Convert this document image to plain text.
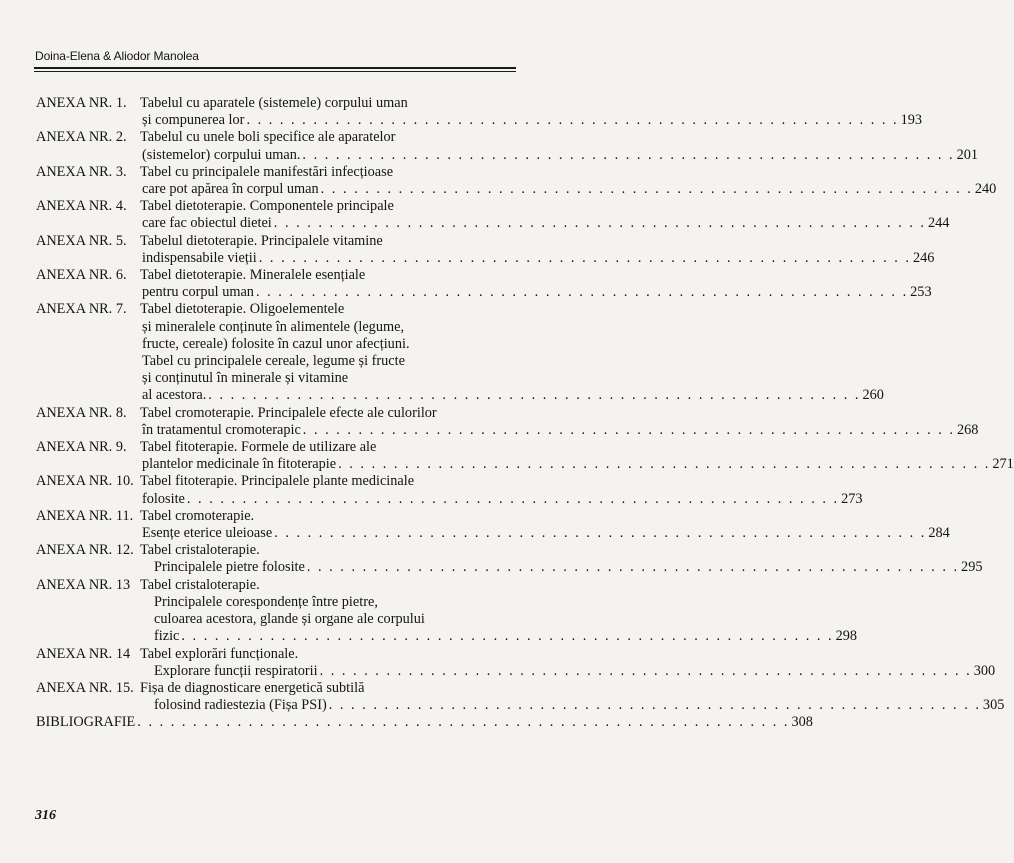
Doina-Elena & Aliodor Manolea
ANEXA NR. 1. Tabelul cu aparatele (sistemele) corpului uman
și compunerea lor . . . . . . . . . . . . . . . . . . . . . . . . . . . . . . . . . . . . . . . . . . . . . . . . . . . . . . . . . . . 193
ANEXA NR. 2. Tabelul cu unele boli specifice ale aparatelor
(sistemelor) corpului uman. . . . . . . . . . . . . . . . . . . . . . . . . . . . . . . . . . . . . . . . . . . . . . . . . . . . . . . . . . . . 201
ANEXA NR. 3. Tabel cu principalele manifestări infecțioase
care pot apărea în corpul uman . . . . . . . . . . . . . . . . . . . . . . . . . . . . . . . . . . . . . . . . . . . . . . . . . . . . . . . . . . . 240
ANEXA NR. 4. Tabel dietoterapie. Componentele principale
care fac obiectul dietei . . . . . . . . . . . . . . . . . . . . . . . . . . . . . . . . . . . . . . . . . . . . . . . . . . . . . . . . . . . 244
ANEXA NR. 5. Tabelul dietoterapie. Principalele vitamine
indispensabile vieții . . . . . . . . . . . . . . . . . . . . . . . . . . . . . . . . . . . . . . . . . . . . . . . . . . . . . . . . . . . 246
ANEXA NR. 6. Tabel dietoterapie. Mineralele esențiale
pentru corpul uman . . . . . . . . . . . . . . . . . . . . . . . . . . . . . . . . . . . . . . . . . . . . . . . . . . . . . . . . . . . 253
ANEXA NR. 7. Tabel dietoterapie. Oligoelementele
și mineralele conținute în alimentele (legume,
fructe, cereale) folosite în cazul unor afecțiuni.
Tabel cu principalele cereale, legume și fructe
și conținutul în minerale și vitamine
al acestora. . . . . . . . . . . . . . . . . . . . . . . . . . . . . . . . . . . . . . . . . . . . . . . . . . . . . . . . . . . . 260
ANEXA NR. 8. Tabel cromoterapie. Principalele efecte ale culorilor
în tratamentul cromoterapic . . . . . . . . . . . . . . . . . . . . . . . . . . . . . . . . . . . . . . . . . . . . . . . . . . . . . . . . . . . 268
ANEXA NR. 9. Tabel fitoterapie. Formele de utilizare ale
plantelor medicinale în fitoterapie . . . . . . . . . . . . . . . . . . . . . . . . . . . . . . . . . . . . . . . . . . . . . . . . . . . . . . . . . . . 271
ANEXA NR. 10. Tabel fitoterapie. Principalele plante medicinale
folosite . . . . . . . . . . . . . . . . . . . . . . . . . . . . . . . . . . . . . . . . . . . . . . . . . . . . . . . . . . . 273
ANEXA NR. 11. Tabel cromoterapie.
Esențe eterice uleioase . . . . . . . . . . . . . . . . . . . . . . . . . . . . . . . . . . . . . . . . . . . . . . . . . . . . . . . . . . . 284
ANEXA NR. 12. Tabel cristaloterapie.
Principalele pietre folosite . . . . . . . . . . . . . . . . . . . . . . . . . . . . . . . . . . . . . . . . . . . . . . . . . . . . . . . . . . . 295
ANEXA NR. 13 Tabel cristaloterapie.
Principalele corespondențe între pietre,
culoarea acestora, glande și organe ale corpului
fizic . . . . . . . . . . . . . . . . . . . . . . . . . . . . . . . . . . . . . . . . . . . . . . . . . . . . . . . . . . . 298
ANEXA NR. 14 Tabel explorări funcționale.
Explorare funcții respiratorii . . . . . . . . . . . . . . . . . . . . . . . . . . . . . . . . . . . . . . . . . . . . . . . . . . . . . . . . . . . 300
ANEXA NR. 15. Fișa de diagnosticare energetică subtilă
folosind radiestezia (Fișa PSI) . . . . . . . . . . . . . . . . . . . . . . . . . . . . . . . . . . . . . . . . . . . . . . . . . . . . . . . . . . . 305
BIBLIOGRAFIE . . . . . . . . . . . . . . . . . . . . . . . . . . . . . . . . . . . . . . . . . . . . . . . . . . . . . . . . . . . 308
316
